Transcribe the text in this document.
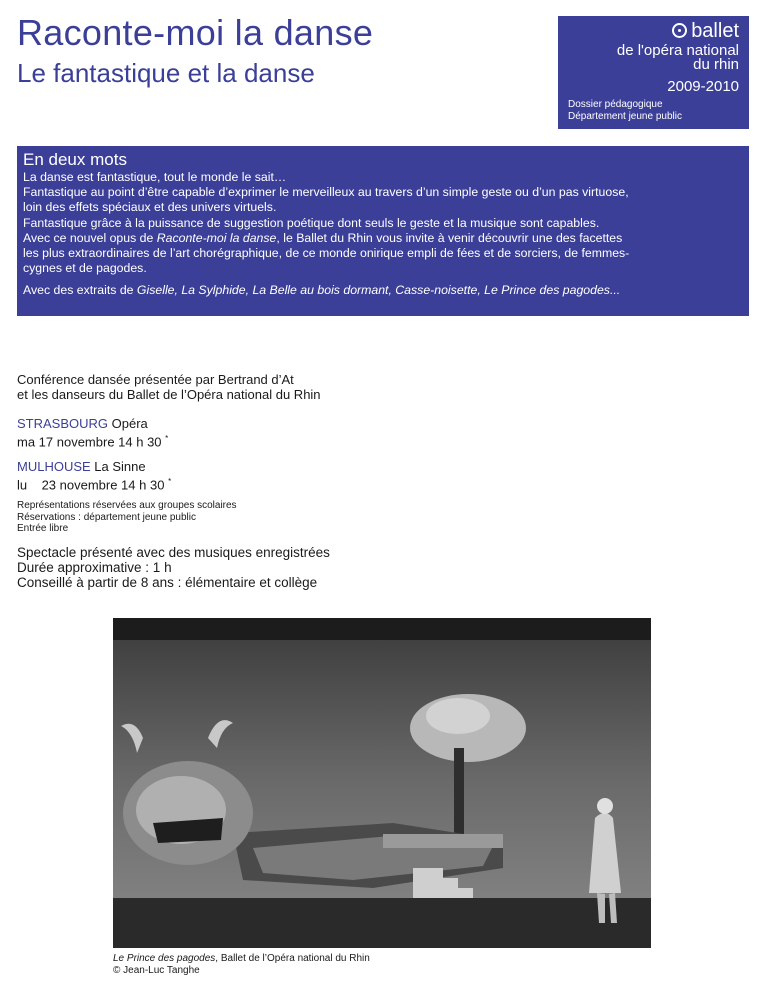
Raconte-moi la danse
Le fantastique et la danse
ballet
de l'opéra national
du rhin
2009-2010
Dossier pédagogique
Département jeune public
En deux mots

La danse est fantastique, tout le monde le sait…
Fantastique au point d’être capable d’exprimer le merveilleux au travers d’un simple geste ou d’un pas virtuose,
loin des effets spéciaux et des univers virtuels.
Fantastique grâce à la puissance de suggestion poétique dont seuls le geste et la musique sont capables.
Avec ce nouvel opus de Raconte-moi la danse, le Ballet du Rhin vous invite à venir découvrir une des facettes
les plus extraordinaires de l’art chorégraphique, de ce monde onirique empli de fées et de sorciers, de femmes-
cygnes et de pagodes.

Avec des extraits de Giselle, La Sylphide, La Belle au bois dormant, Casse-noisette, Le Prince des pagodes...

Conférence dansée présentée par Bertrand d’At
et les danseurs du Ballet de l’Opéra national du Rhin
STRASBOURG Opéra
ma 17 novembre 14 h 30 *
MULHOUSE La Sinne
lu    23 novembre 14 h 30 *
Représentations réservées aux groupes scolaires
Réservations : département jeune public
Entrée libre
Spectacle présenté avec des musiques enregistrées
Durée approximative : 1 h
Conseillé à partir de 8 ans : élémentaire et collège
Le Prince des pagodes, Ballet de l’Opéra national du Rhin
© Jean-Luc Tanghe
